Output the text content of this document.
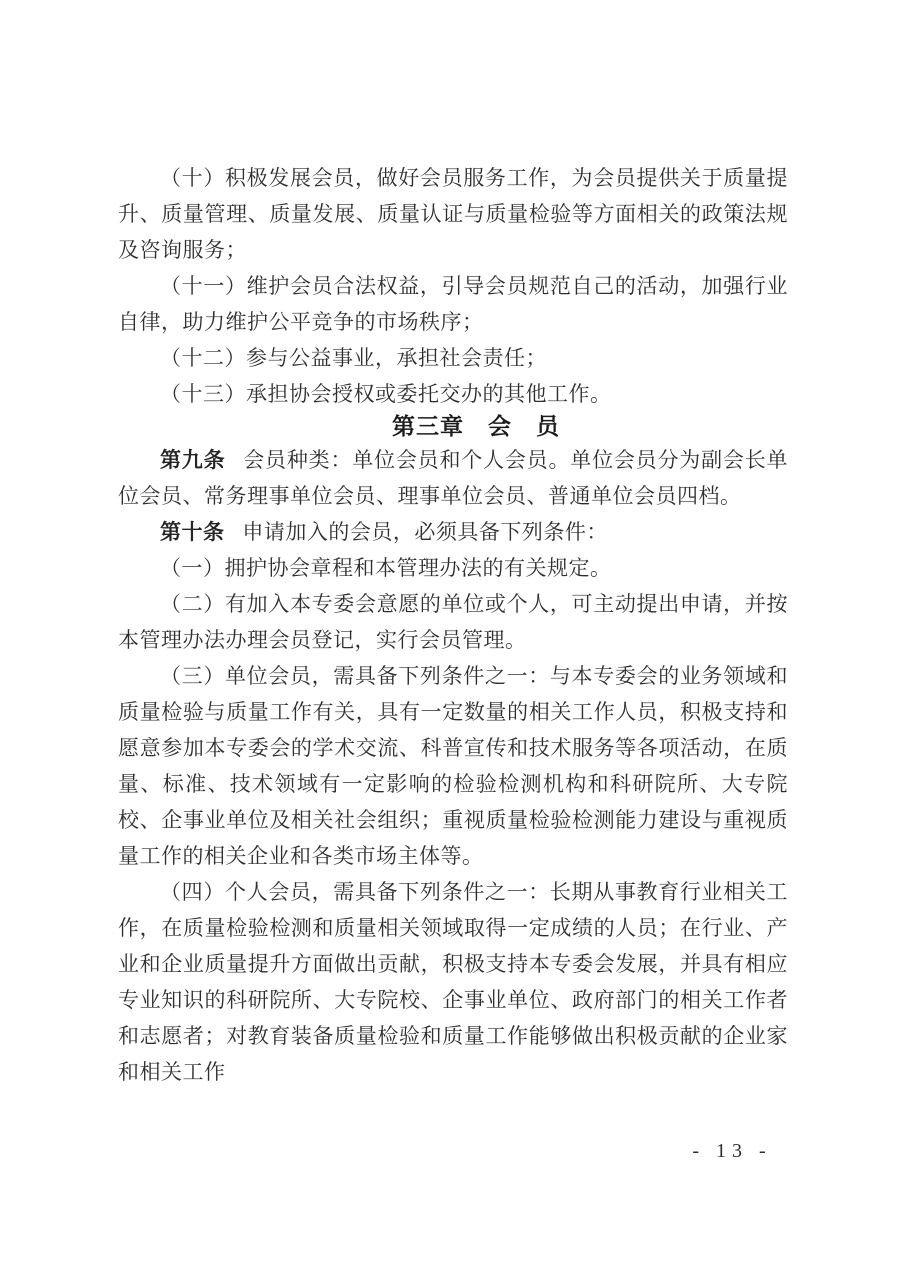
（十）积极发展会员，做好会员服务工作，为会员提供关于质量提升、质量管理、质量发展、质量认证与质量检验等方面相关的政策法规及咨询服务；

（十一）维护会员合法权益，引导会员规范自己的活动，加强行业自律，助力维护公平竞争的市场秩序；

（十二）参与公益事业，承担社会责任；

（十三）承担协会授权或委托交办的其他工作。

第三章　会　员

第九条 会员种类：单位会员和个人会员。单位会员分为副会长单位会员、常务理事单位会员、理事单位会员、普通单位会员四档。

第十条 申请加入的会员，必须具备下列条件：

（一）拥护协会章程和本管理办法的有关规定。

（二）有加入本专委会意愿的单位或个人，可主动提出申请，并按本管理办法办理会员登记，实行会员管理。

（三）单位会员，需具备下列条件之一：与本专委会的业务领域和质量检验与质量工作有关，具有一定数量的相关工作人员，积极支持和愿意参加本专委会的学术交流、科普宣传和技术服务等各项活动，在质量、标准、技术领域有一定影响的检验检测机构和科研院所、大专院校、企事业单位及相关社会组织；重视质量检验检测能力建设与重视质量工作的相关企业和各类市场主体等。

（四）个人会员，需具备下列条件之一：长期从事教育行业相关工作，在质量检验检测和质量相关领域取得一定成绩的人员；在行业、产业和企业质量提升方面做出贡献，积极支持本专委会发展，并具有相应专业知识的科研院所、大专院校、企事业单位、政府部门的相关工作者和志愿者；对教育装备质量检验和质量工作能够做出积极贡献的企业家和相关工作

- 13 -
